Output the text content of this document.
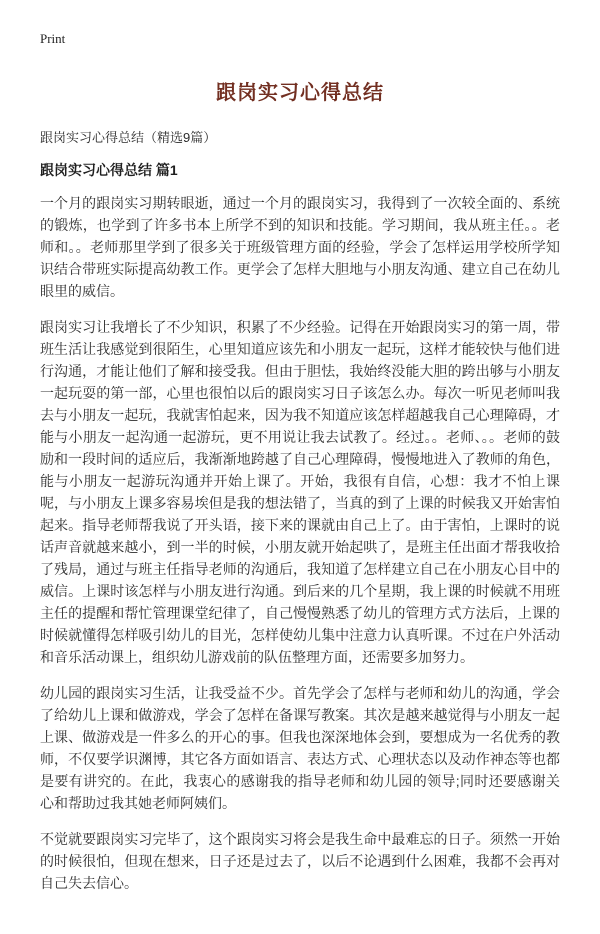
Print
跟岗实习心得总结
跟岗实习心得总结（精选9篇）
跟岗实习心得总结 篇1

一个月的跟岗实习期转眼逝，通过一个月的跟岗实习，我得到了一次较全面的、系统的锻炼，也学到了许多书本上所学不到的知识和技能。学习期间，我从班主任。。老师和。。老师那里学到了很多关于班级管理方面的经验，学会了怎样运用学校所学知识结合带班实际提高幼教工作。更学会了怎样大胆地与小朋友沟通、建立自己在幼儿眼里的威信。

跟岗实习让我增长了不少知识，积累了不少经验。记得在开始跟岗实习的第一周，带班生活让我感觉到很陌生，心里知道应该先和小朋友一起玩，这样才能较快与他们进行沟通，才能让他们了解和接受我。但由于胆怯，我始终没能大胆的跨出够与小朋友一起玩耍的第一部，心里也很怕以后的跟岗实习日子该怎么办。每次一听见老师叫我去与小朋友一起玩，我就害怕起来，因为我不知道应该怎样超越我自己心理障碍，才能与小朋友一起沟通一起游玩，更不用说让我去试教了。经过。。老师、。。老师的鼓励和一段时间的适应后，我渐渐地跨越了自己心理障碍，慢慢地进入了教师的角色，能与小朋友一起游玩沟通并开始上课了。开始，我很有自信，心想：我才不怕上课呢，与小朋友上课多容易埃但是我的想法错了，当真的到了上课的时候我又开始害怕起来。指导老师帮我说了开头语，接下来的课就由自己上了。由于害怕，上课时的说话声音就越来越小，到一半的时候，小朋友就开始起哄了，是班主任出面才帮我收拾了残局，通过与班主任指导老师的沟通后，我知道了怎样建立自己在小朋友心目中的威信。上课时该怎样与小朋友进行沟通。到后来的几个星期，我上课的时候就不用班主任的提醒和帮忙管理课堂纪律了，自己慢慢熟悉了幼儿的管理方式方法后，上课的时候就懂得怎样吸引幼儿的目光，怎样使幼儿集中注意力认真听课。不过在户外活动和音乐活动课上，组织幼儿游戏前的队伍整理方面，还需要多加努力。

幼儿园的跟岗实习生活，让我受益不少。首先学会了怎样与老师和幼儿的沟通，学会了给幼儿上课和做游戏，学会了怎样在备课写教案。其次是越来越觉得与小朋友一起上课、做游戏是一件多么的开心的事。但我也深深地体会到，要想成为一名优秀的教师，不仅要学识渊博，其它各方面如语言、表达方式、心理状态以及动作神态等也都是要有讲究的。在此，我衷心的感谢我的指导老师和幼儿园的领导;同时还要感谢关心和帮助过我其她老师阿姨们。

不觉就要跟岗实习完毕了，这个跟岗实习将会是我生命中最难忘的日子。须然一开始的时候很怕，但现在想来，日子还是过去了，以后不论遇到什么困难，我都不会再对自己失去信心。
